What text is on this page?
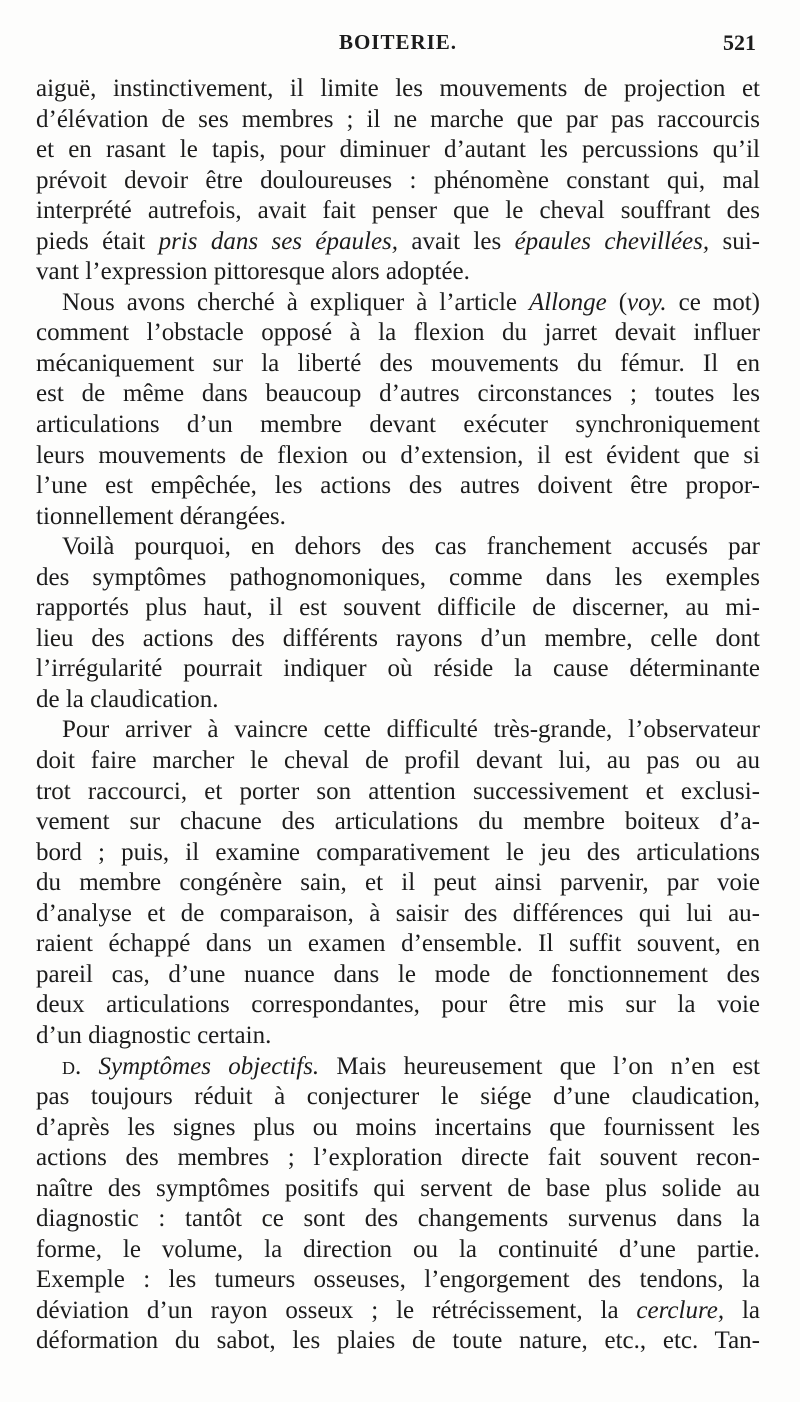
BOITERIE.	521
aiguë, instinctivement, il limite les mouvements de projection et
d’élévation de ses membres ; il ne marche que par pas raccourcis
et en rasant le tapis, pour diminuer d’autant les percussions qu’il
prévoit devoir être douloureuses : phénomène constant qui, mal
interprété autrefois, avait fait penser que le cheval souffrant des
pieds était pris dans ses épaules, avait les épaules chevillées, sui-
vant l’expression pittoresque alors adoptée.
Nous avons cherché à expliquer à l’article Allonge (voy. ce mot)
comment l’obstacle opposé à la flexion du jarret devait influer
mécaniquement sur la liberté des mouvements du fémur. Il en
est de même dans beaucoup d’autres circonstances ; toutes les
articulations d’un membre devant exécuter synchroniquement
leurs mouvements de flexion ou d’extension, il est évident que si
l’une est empêchée, les actions des autres doivent être propor-
tionnellement dérangées.
Voilà pourquoi, en dehors des cas franchement accusés par
des symptômes pathognomoniques, comme dans les exemples
rapportés plus haut, il est souvent difficile de discerner, au mi-
lieu des actions des différents rayons d’un membre, celle dont
l’irrégularité pourrait indiquer où réside la cause déterminante
de la claudication.
Pour arriver à vaincre cette difficulté très-grande, l’observateur
doit faire marcher le cheval de profil devant lui, au pas ou au
trot raccourci, et porter son attention successivement et exclusi-
vement sur chacune des articulations du membre boiteux d’a-
bord ; puis, il examine comparativement le jeu des articulations
du membre congénère sain, et il peut ainsi parvenir, par voie
d’analyse et de comparaison, à saisir des différences qui lui au-
raient échappé dans un examen d’ensemble. Il suffit souvent, en
pareil cas, d’une nuance dans le mode de fonctionnement des
deux articulations correspondantes, pour être mis sur la voie
d’un diagnostic certain.
d. Symptômes objectifs. Mais heureusement que l’on n’en est
pas toujours réduit à conjecturer le siége d’une claudication,
d’après les signes plus ou moins incertains que fournissent les
actions des membres ; l’exploration directe fait souvent recon-
naître des symptômes positifs qui servent de base plus solide au
diagnostic : tantôt ce sont des changements survenus dans la
forme, le volume, la direction ou la continuité d’une partie.
Exemple : les tumeurs osseuses, l’engorgement des tendons, la
déviation d’un rayon osseux ; le rétrécissement, la cerclure, la
déformation du sabot, les plaies de toute nature, etc., etc. Tan-
